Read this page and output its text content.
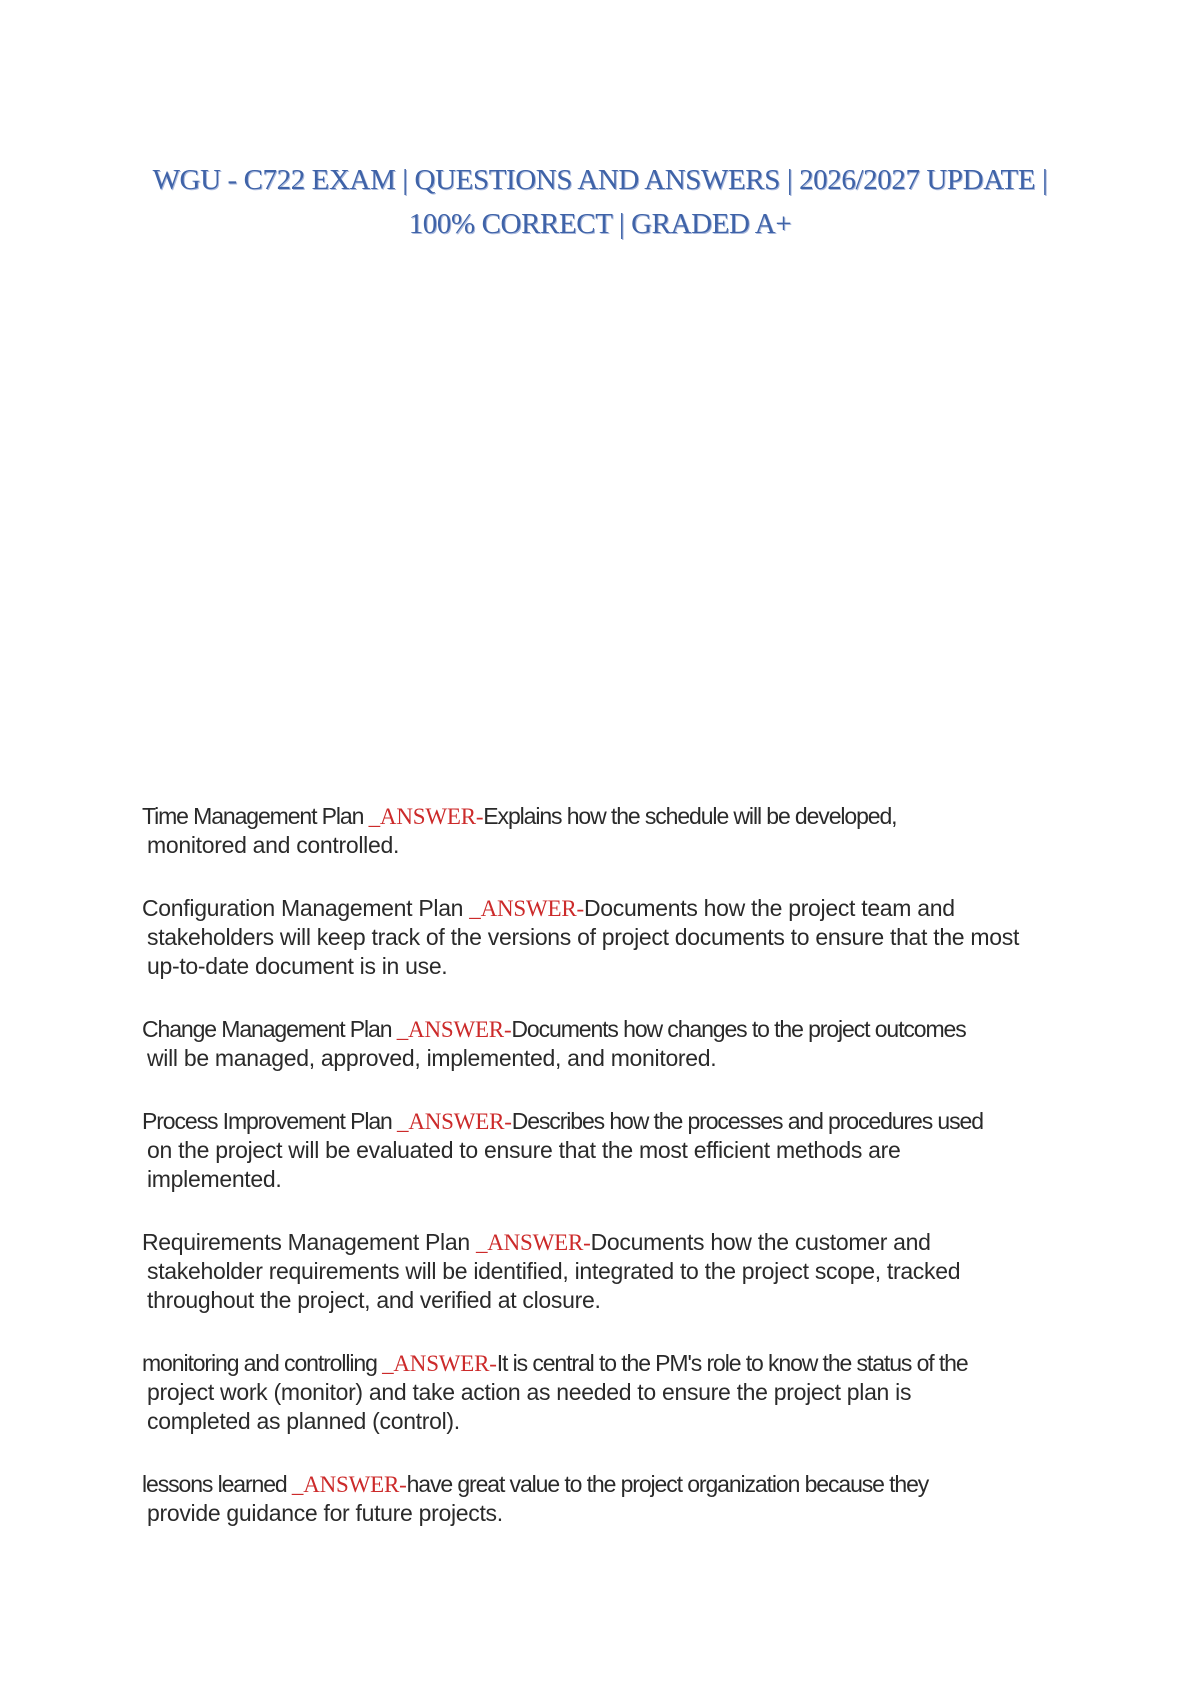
WGU - C722 EXAM | QUESTIONS AND ANSWERS | 2026/2027 UPDATE |
100% CORRECT | GRADED A+
Time Management Plan _ANSWER-Explains how the schedule will be developed,
monitored and controlled.
Configuration Management Plan _ANSWER-Documents how the project team and
stakeholders will keep track of the versions of project documents to ensure that the most
up-to-date document is in use.
Change Management Plan _ANSWER-Documents how changes to the project outcomes
will be managed, approved, implemented, and monitored.
Process Improvement Plan _ANSWER-Describes how the processes and procedures used
on the project will be evaluated to ensure that the most efficient methods are
implemented.
Requirements Management Plan _ANSWER-Documents how the customer and
stakeholder requirements will be identified, integrated to the project scope, tracked
throughout the project, and verified at closure.
monitoring and controlling _ANSWER-It is central to the PM's role to know the status of the
project work (monitor) and take action as needed to ensure the project plan is
completed as planned (control).
lessons learned _ANSWER-have great value to the project organization because they
provide guidance for future projects.
